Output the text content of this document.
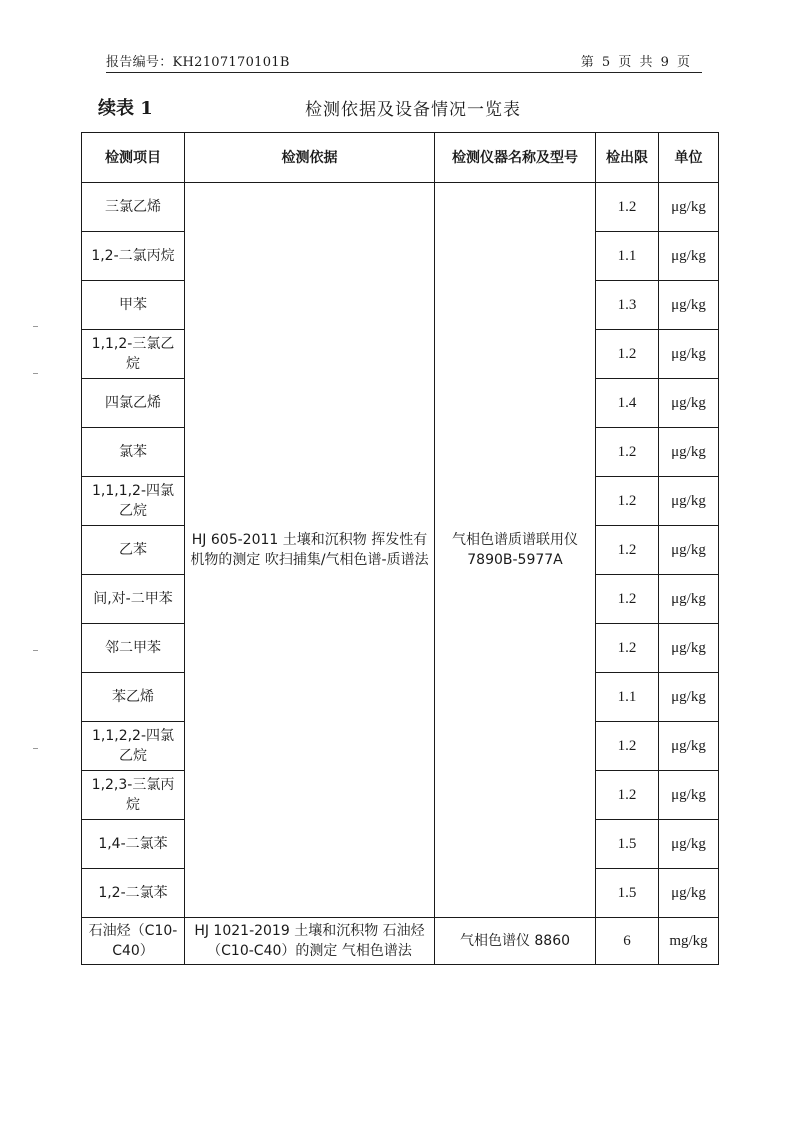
报告编号：KH2107170101B	第 5 页 共 9 页
续表 1	检测依据及设备情况一览表
检测项目	检测依据	检测仪器名称及型号	检出限	单位
三氯乙烯	HJ 605-2011 土壤和沉积物 挥发性有机物的测定 吹扫捕集/气相色谱-质谱法	气相色谱质谱联用仪 7890B-5977A	1.2	μg/kg
1,2-二氯丙烷			1.1	μg/kg
甲苯			1.3	μg/kg
1,1,2-三氯乙烷			1.2	μg/kg
四氯乙烯			1.4	μg/kg
氯苯			1.2	μg/kg
1,1,1,2-四氯乙烷			1.2	μg/kg
乙苯			1.2	μg/kg
间,对-二甲苯			1.2	μg/kg
邻二甲苯			1.2	μg/kg
苯乙烯			1.1	μg/kg
1,1,2,2-四氯乙烷			1.2	μg/kg
1,2,3-三氯丙烷			1.2	μg/kg
1,4-二氯苯			1.5	μg/kg
1,2-二氯苯			1.5	μg/kg
石油烃（C10-C40）	HJ 1021-2019 土壤和沉积物 石油烃（C10-C40）的测定 气相色谱法	气相色谱仪 8860	6	mg/kg
